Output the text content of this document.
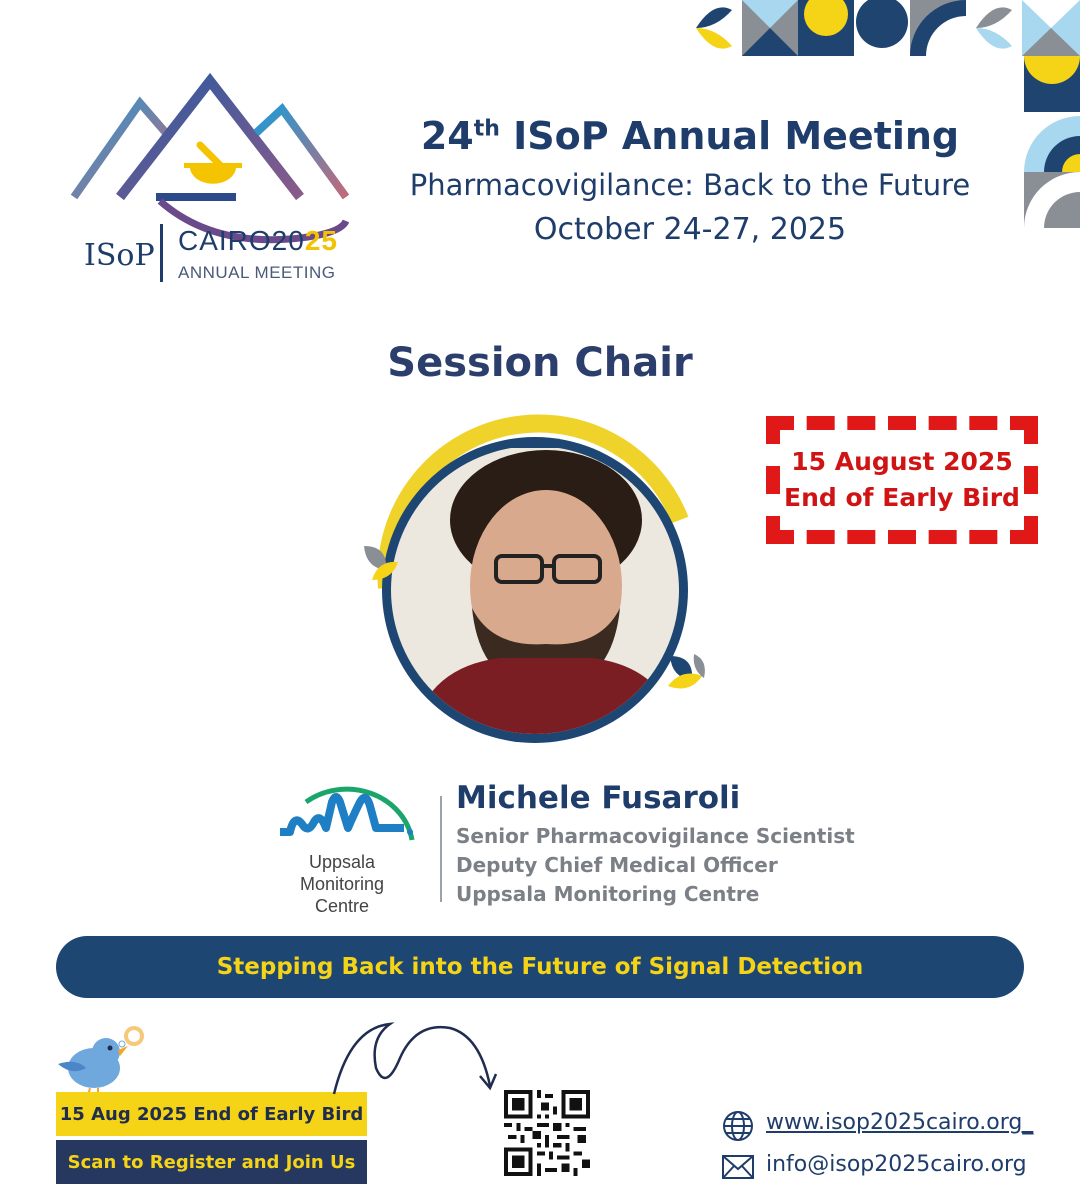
ISoP CAIRO2025
ANNUAL MEETING
24th ISoP Annual Meeting
Pharmacovigilance: Back to the Future
October 24-27, 2025
Session Chair
15 August 2025
End of Early Bird
Uppsala
Monitoring
Centre
Michele Fusaroli
Senior Pharmacovigilance Scientist
Deputy Chief Medical Officer
Uppsala Monitoring Centre
Stepping Back into the Future of Signal Detection
15 Aug 2025 End of Early Bird
Scan to Register and Join Us
www.isop2025cairo.org_
info@isop2025cairo.org
